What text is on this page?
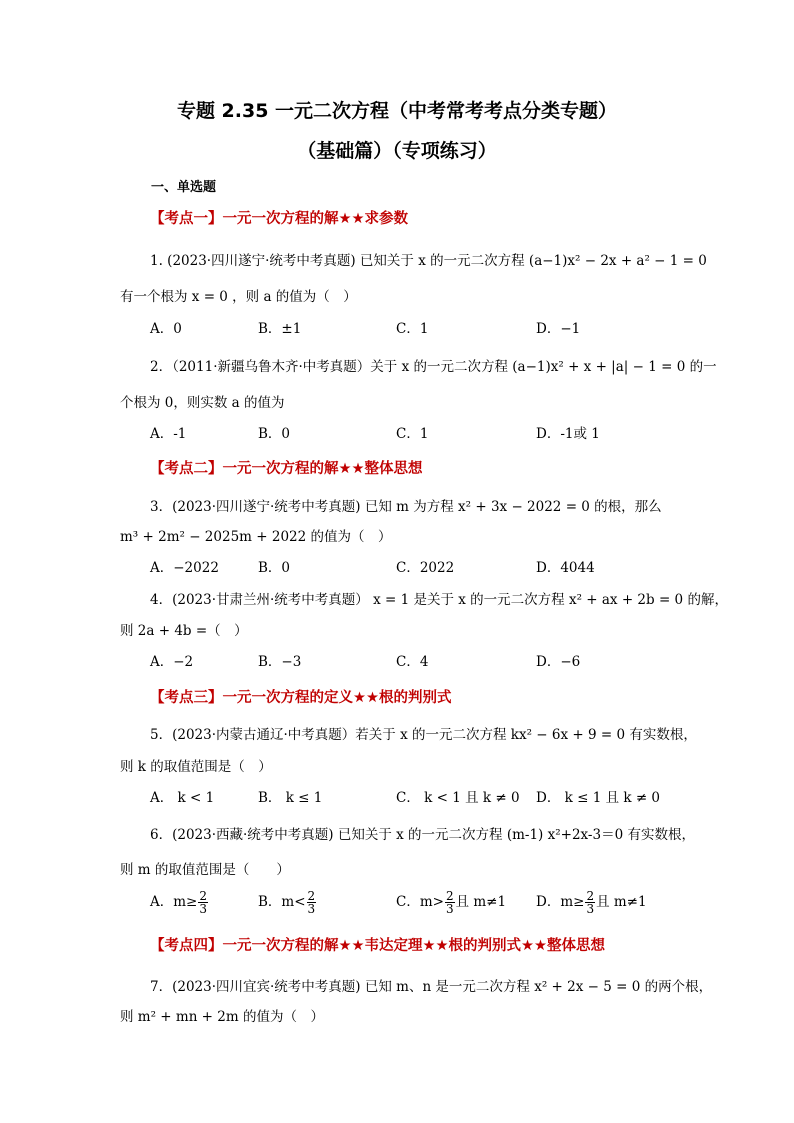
专题 2.35 一元二次方程（中考常考考点分类专题）
（基础篇）（专项练习）
一、单选题
【考点一】一元一次方程的解★★求参数
1. (2023·四川遂宁·统考中考真题) 已知关于 x 的一元二次方程 (a−1)x² − 2x + a² − 1 = 0
有一个根为 x = 0 ，则 a 的值为（　）
A．0	B．±1	C．1	D．−1
2．（2011·新疆乌鲁木齐·中考真题）关于 x 的一元二次方程 (a−1)x² + x + |a| − 1 = 0 的一
个根为 0，则实数 a 的值为
A．-1	B．0	C．1	D．-1或 1
【考点二】一元一次方程的解★★整体思想
3．(2023·四川遂宁·统考中考真题) 已知 m 为方程 x² + 3x − 2022 = 0 的根，那么
m³ + 2m² − 2025m + 2022 的值为（　）
A．−2022	B．0	C．2022	D．4044
4．(2023·甘肃兰州·统考中考真题） x = 1 是关于 x 的一元二次方程 x² + ax + 2b = 0 的解，
则 2a + 4b =（　）
A．−2	B．−3	C．4	D．−6
【考点三】一元一次方程的定义★★根的判别式
5．(2023·内蒙古通辽·中考真题）若关于 x 的一元二次方程 kx² − 6x + 9 = 0 有实数根，
则 k 的取值范围是（　）
A． k < 1	B． k ≤ 1	C． k < 1 且 k ≠ 0 D． k ≤ 1 且 k ≠ 0
6．(2023·西藏·统考中考真题) 已知关于 x 的一元二次方程 (m-1) x²+2x-3＝0 有实数根，
则 m 的取值范围是（　　）
A．$m\ge \frac{2}{3}$	B．$m< \frac{2}{3}$	C．$m> \frac{2}{3}$ 且 m≠1 D．$m\ge \frac{2}{3}$ 且 m≠1
【考点四】一元一次方程的解★★韦达定理★★根的判别式★★整体思想
7．(2023·四川宜宾·统考中考真题) 已知 m、n 是一元二次方程 x² + 2x − 5 = 0 的两个根，
则 m² + mn + 2m 的值为（　）
